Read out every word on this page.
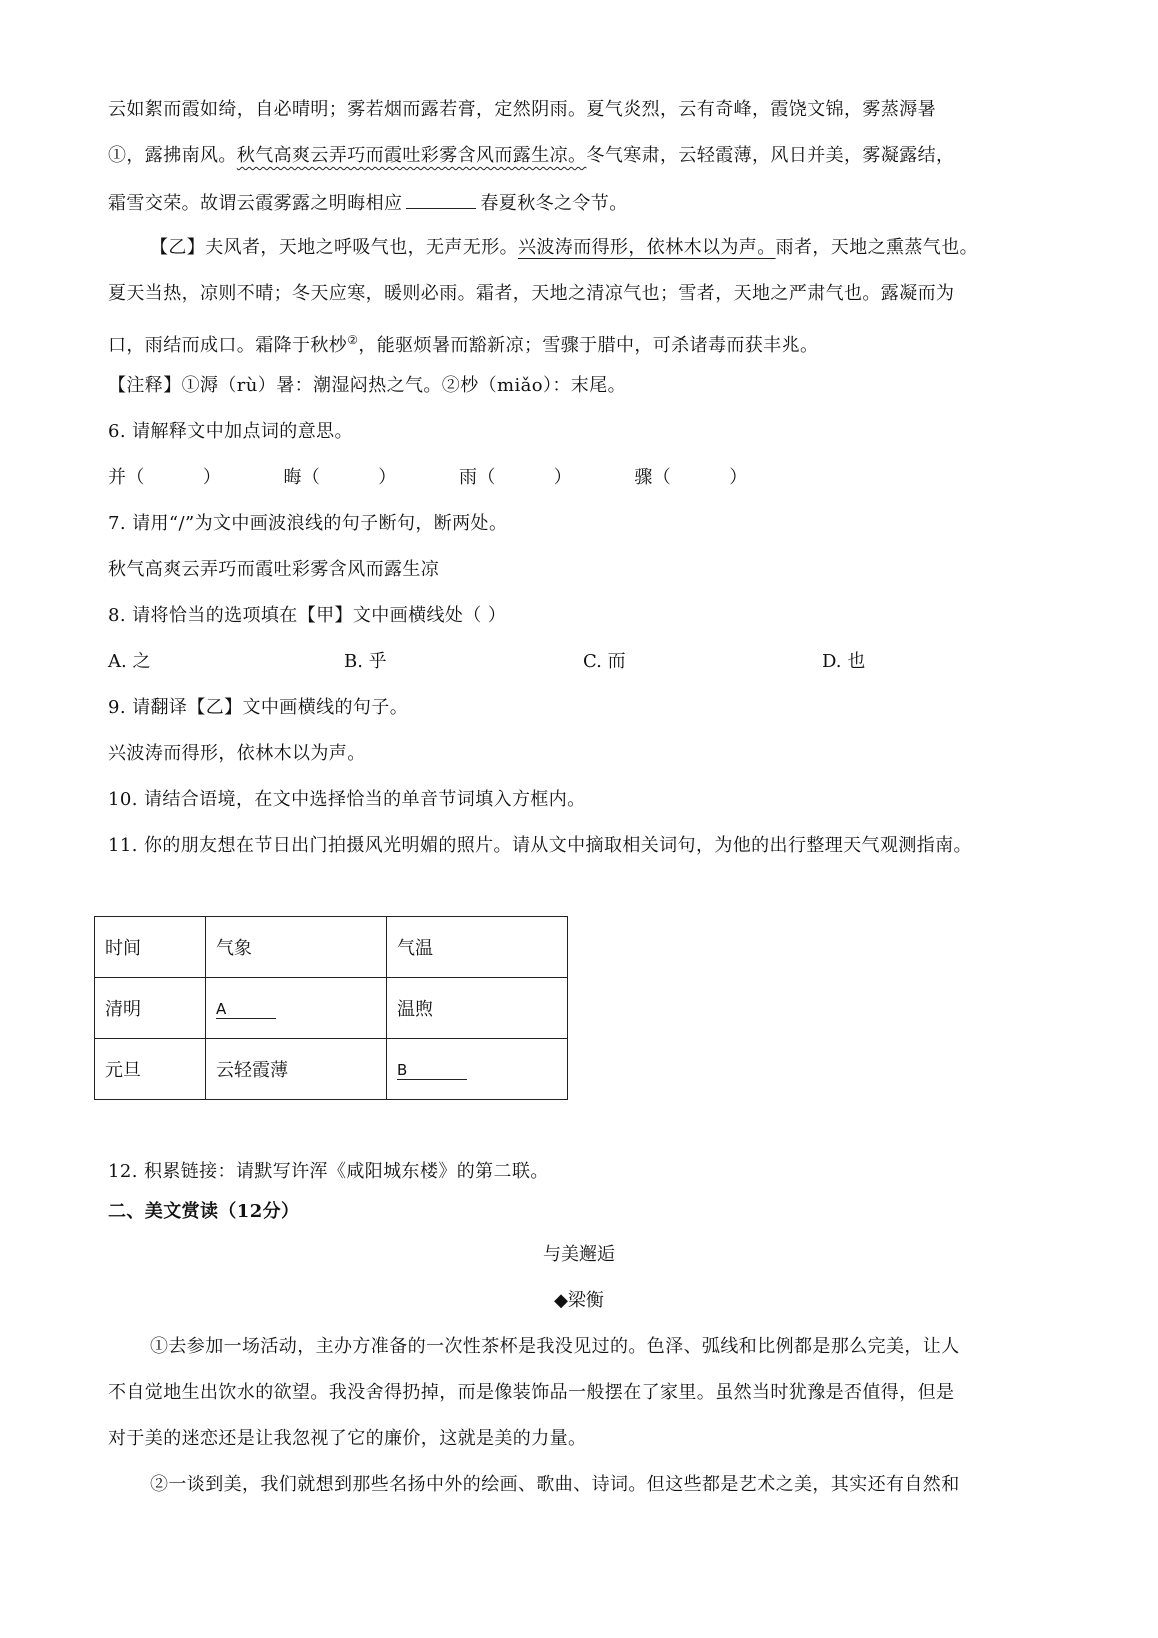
云如絮而霞如绮，自必晴明；雾若烟而露若膏，定然阴雨。夏气炎烈，云有奇峰，霞饶文锦，雾蒸溽暑
①，露拂南风。秋气高爽云弄巧而霞吐彩雾含风而露生凉。冬气寒肃，云轻霞薄，风日并美，雾凝露结，
霜雪交荣。故谓云霞雾露之明晦相应	春夏秋冬之令节。
【乙】夫风者，天地之呼吸气也，无声无形。兴波涛而得形，依林木以为声。雨者，天地之熏蒸气也。
夏天当热，凉则不晴；冬天应寒，暖则必雨。霜者，天地之清凉气也；雪者，天地之严肃气也。露凝而为
口，雨结而成口。霜降于秋杪②，能驱烦暑而豁新凉；雪骤于腊中，可杀诸毒而获丰兆。
【注释】①溽（rù）暑：潮湿闷热之气。②杪（miǎo）：末尾。
6. 请解释文中加点词的意思。
并（	）	晦（	）	雨（	）	骤（	）
7. 请用“/”为文中画波浪线的句子断句，断两处。
秋气高爽云弄巧而霞吐彩雾含风而露生凉
8. 请将恰当的选项填在【甲】文中画横线处（ ）
A. 之	B. 乎	C. 而	D. 也
9. 请翻译【乙】文中画横线的句子。
兴波涛而得形，依林木以为声。
10. 请结合语境，在文中选择恰当的单音节词填入方框内。
11. 你的朋友想在节日出门拍摄风光明媚的照片。请从文中摘取相关词句，为他的出行整理天气观测指南。
时间	气象	气温
清明	A	温煦
元旦	云轻霞薄	B
12. 积累链接：请默写许浑《咸阳城东楼》的第二联。
二、美文赏读（12分）
与美邂逅
◆梁衡
①去参加一场活动，主办方准备的一次性茶杯是我没见过的。色泽、弧线和比例都是那么完美，让人
不自觉地生出饮水的欲望。我没舍得扔掉，而是像装饰品一般摆在了家里。虽然当时犹豫是否值得，但是
对于美的迷恋还是让我忽视了它的廉价，这就是美的力量。
②一谈到美，我们就想到那些名扬中外的绘画、歌曲、诗词。但这些都是艺术之美，其实还有自然和
